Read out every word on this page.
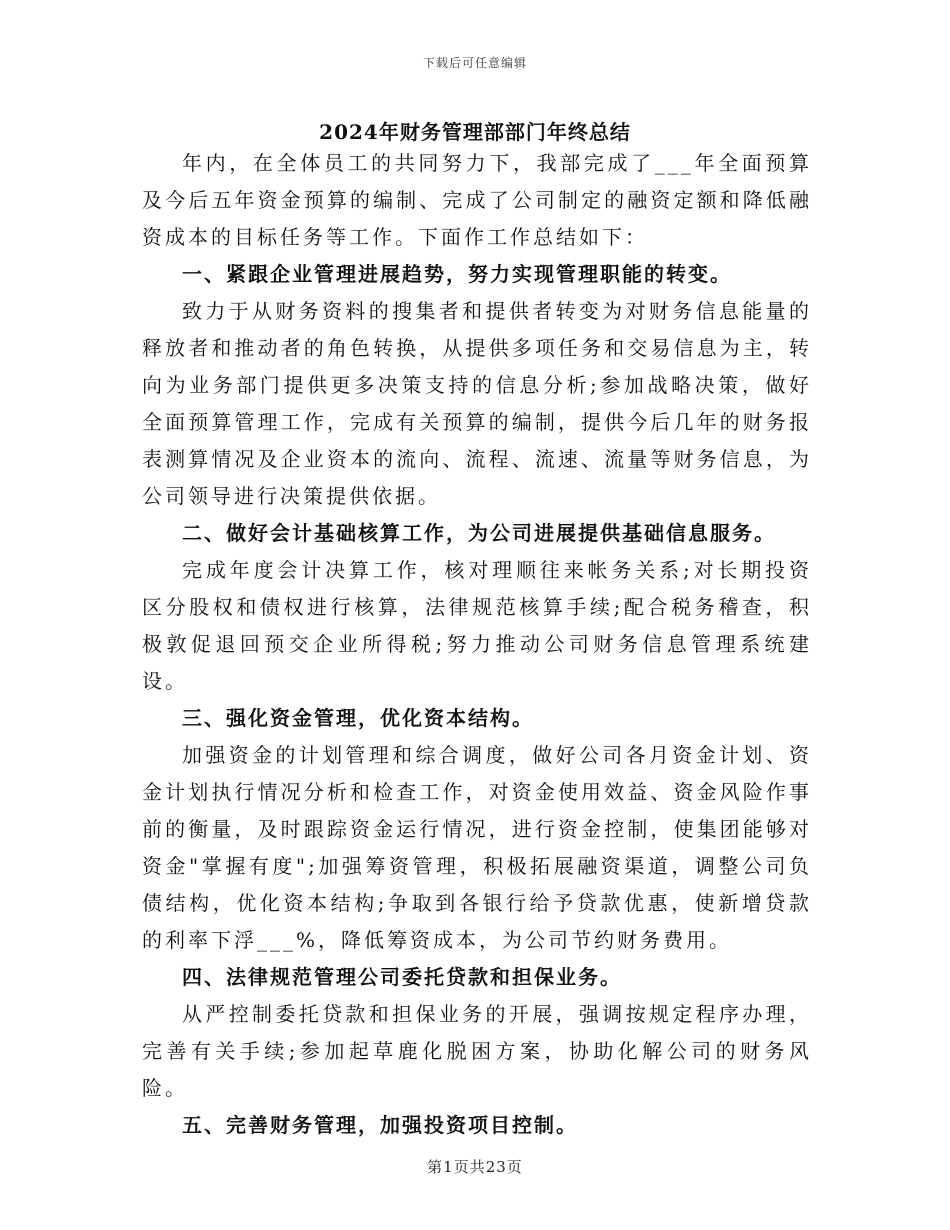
下载后可任意编辑
2024年财务管理部部门年终总结

年内，在全体员工的共同努力下，我部完成了___年全面预算及今后五年资金预算的编制、完成了公司制定的融资定额和降低融资成本的目标任务等工作。下面作工作总结如下：

一、紧跟企业管理进展趋势，努力实现管理职能的转变。

致力于从财务资料的搜集者和提供者转变为对财务信息能量的释放者和推动者的角色转换，从提供多项任务和交易信息为主，转向为业务部门提供更多决策支持的信息分析;参加战略决策，做好全面预算管理工作，完成有关预算的编制，提供今后几年的财务报表测算情况及企业资本的流向、流程、流速、流量等财务信息，为公司领导进行决策提供依据。

二、做好会计基础核算工作，为公司进展提供基础信息服务。

完成年度会计决算工作，核对理顺往来帐务关系;对长期投资区分股权和债权进行核算，法律规范核算手续;配合税务稽查，积极敦促退回预交企业所得税;努力推动公司财务信息管理系统建设。

三、强化资金管理，优化资本结构。

加强资金的计划管理和综合调度，做好公司各月资金计划、资金计划执行情况分析和检查工作，对资金使用效益、资金风险作事前的衡量，及时跟踪资金运行情况，进行资金控制，使集团能够对资金"掌握有度";加强筹资管理，积极拓展融资渠道，调整公司负债结构，优化资本结构;争取到各银行给予贷款优惠，使新增贷款的利率下浮___%，降低筹资成本，为公司节约财务费用。

四、法律规范管理公司委托贷款和担保业务。

从严控制委托贷款和担保业务的开展，强调按规定程序办理，完善有关手续;参加起草鹿化脱困方案，协助化解公司的财务风险。

五、完善财务管理，加强投资项目控制。

第1页共23页
